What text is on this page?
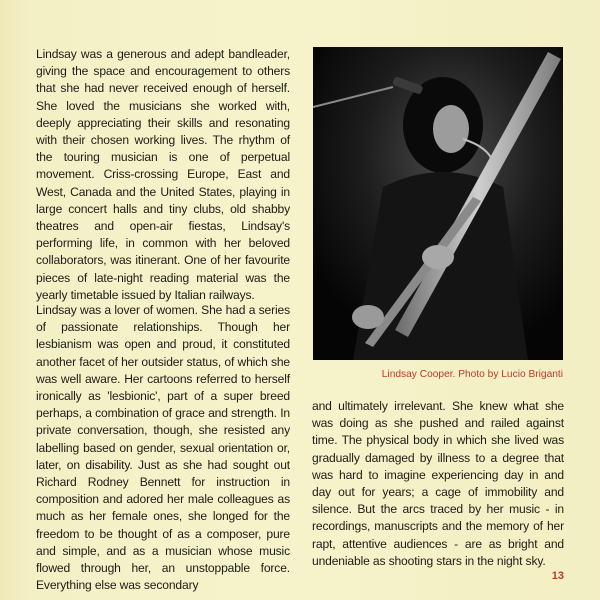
Lindsay was a generous and adept bandleader, giving the space and encouragement to others that she had never received enough of herself. She loved the musicians she worked with, deeply appreciating their skills and resonating with their chosen working lives. The rhythm of the touring musician is one of perpetual movement. Criss-crossing Europe, East and West, Canada and the United States, playing in large concert halls and tiny clubs, old shabby theatres and open-air fiestas, Lindsay's performing life, in common with her beloved collaborators, was itinerant. One of her favourite pieces of late-night reading material was the yearly timetable issued by Italian railways.

Lindsay was a lover of women. She had a series of passionate relationships. Though her lesbianism was open and proud, it constituted another facet of her outsider status, of which she was well aware. Her cartoons referred to herself ironically as 'lesbionic', part of a super breed perhaps, a combination of grace and strength. In private conversation, though, she resisted any labelling based on gender, sexual orientation or, later, on disability. Just as she had sought out Richard Rodney Bennett for instruction in composition and adored her male colleagues as much as her female ones, she longed for the freedom to be thought of as a composer, pure and simple, and as a musician whose music flowed through her, an unstoppable force. Everything else was secondary

Lindsay Cooper. Photo by Lucio Briganti

and ultimately irrelevant. She knew what she was doing as she pushed and railed against time. The physical body in which she lived was gradually damaged by illness to a degree that was hard to imagine experiencing day in and day out for years; a cage of immobility and silence. But the arcs traced by her music - in recordings, manuscripts and the memory of her rapt, attentive audiences - are as bright and undeniable as shooting stars in the night sky.

13
